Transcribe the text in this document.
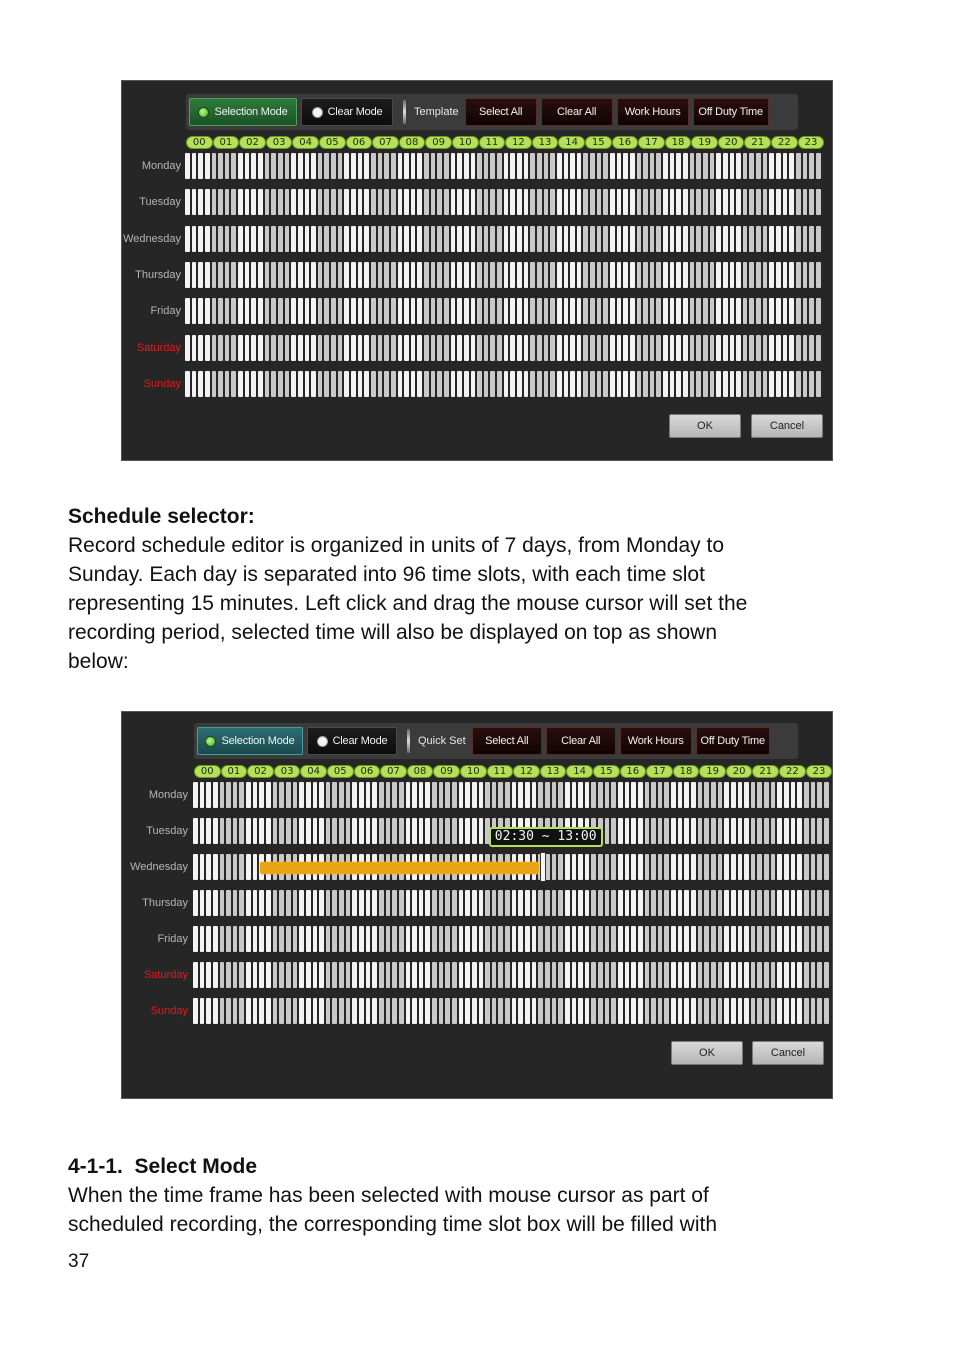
Selection Mode	Clear Mode	Template	Select All	Clear All	Work Hours	Off Duty Time
00	01	02	03	04	05	06	07	08	09	10	11	12	13	14	15	16	17	18	19	20	21	22	23
Monday
Tuesday
Wednesday
Thursday
Friday
Saturday
Sunday
OK	Cancel
Schedule selector:
Record schedule editor is organized in units of 7 days, from Monday to
Sunday. Each day is separated into 96 time slots, with each time slot
representing 15 minutes. Left click and drag the mouse cursor will set the
recording period, selected time will also be displayed on top as shown
below:
Selection Mode	Clear Mode	Quick Set	Select All	Clear All	Work Hours	Off Duty Time
00	01	02	03	04	05	06	07	08	09	10	11	12	13	14	15	16	17	18	19	20	21	22	23
Monday
Tuesday
Wednesday
Thursday
Friday
Saturday
Sunday
02:30 ~ 13:00
OK	Cancel
4-1-1.  Select Mode
When the time frame has been selected with mouse cursor as part of
scheduled recording, the corresponding time slot box will be filled with
37
